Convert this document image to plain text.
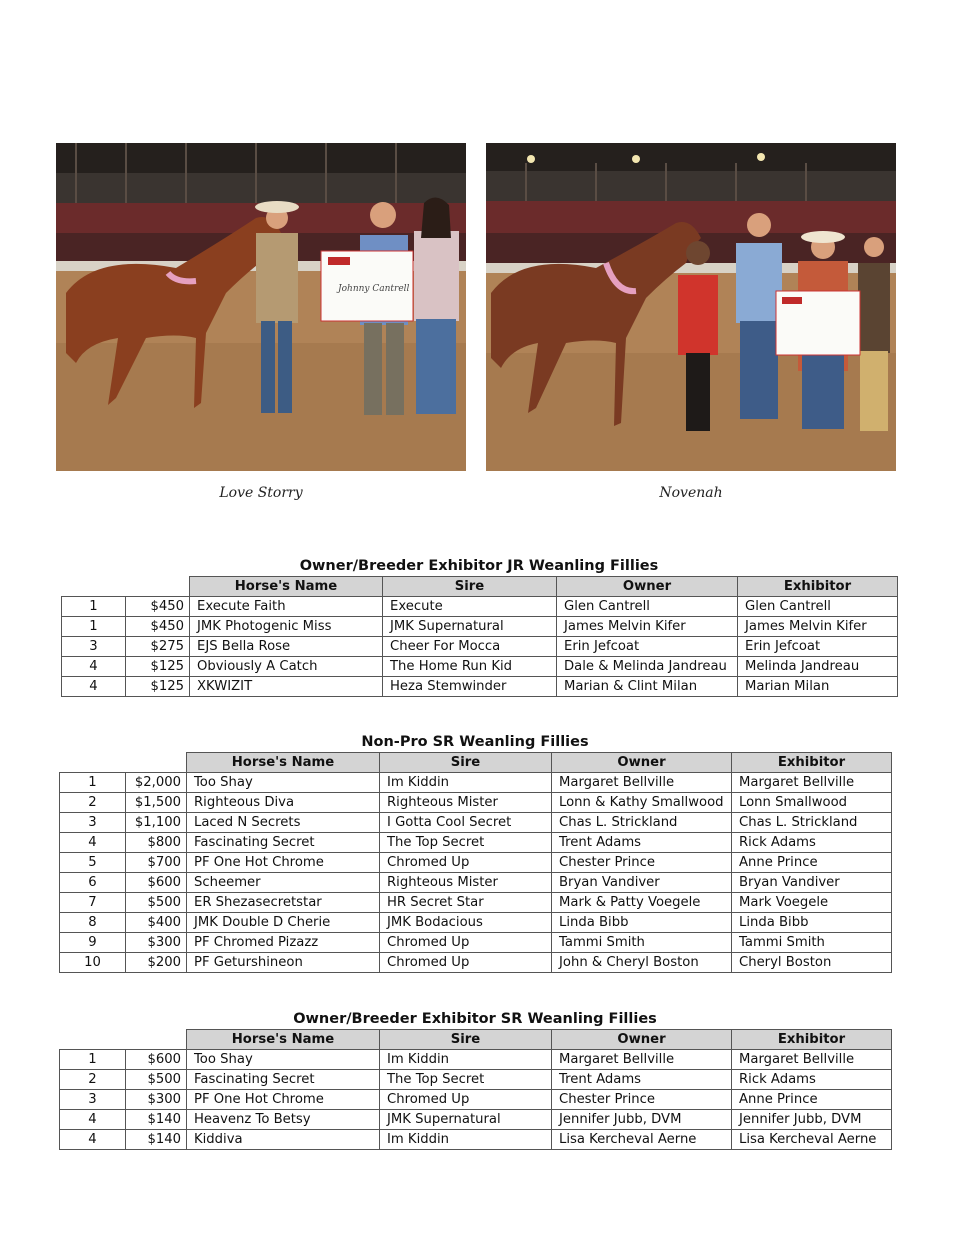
Johnny Cantrell
Love Storry	Novenah
Owner/Breeder Exhibitor JR Weanling Fillies
		Horse's Name	Sire	Owner	Exhibitor
1	$450	Execute Faith	Execute	Glen Cantrell	Glen Cantrell
1	$450	JMK Photogenic Miss	JMK Supernatural	James Melvin Kifer	James Melvin Kifer
3	$275	EJS Bella Rose	Cheer For Mocca	Erin Jefcoat	Erin Jefcoat
4	$125	Obviously A Catch	The Home Run Kid	Dale & Melinda Jandreau	Melinda Jandreau
4	$125	XKWIZIT	Heza Stemwinder	Marian & Clint Milan	Marian Milan
Non-Pro SR Weanling Fillies
		Horse's Name	Sire	Owner	Exhibitor
1	$2,000	Too Shay	Im Kiddin	Margaret Bellville	Margaret Bellville
2	$1,500	Righteous Diva	Righteous Mister	Lonn & Kathy Smallwood	Lonn Smallwood
3	$1,100	Laced N Secrets	I Gotta Cool Secret	Chas L. Strickland	Chas L. Strickland
4	$800	Fascinating Secret	The Top Secret	Trent Adams	Rick Adams
5	$700	PF One Hot Chrome	Chromed Up	Chester Prince	Anne Prince
6	$600	Scheemer	Righteous Mister	Bryan Vandiver	Bryan Vandiver
7	$500	ER Shezasecretstar	HR Secret Star	Mark & Patty Voegele	Mark Voegele
8	$400	JMK Double D Cherie	JMK Bodacious	Linda Bibb	Linda Bibb
9	$300	PF Chromed Pizazz	Chromed Up	Tammi Smith	Tammi Smith
10	$200	PF Geturshineon	Chromed Up	John & Cheryl Boston	Cheryl Boston
Owner/Breeder Exhibitor SR Weanling Fillies
		Horse's Name	Sire	Owner	Exhibitor
1	$600	Too Shay	Im Kiddin	Margaret Bellville	Margaret Bellville
2	$500	Fascinating Secret	The Top Secret	Trent Adams	Rick Adams
3	$300	PF One Hot Chrome	Chromed Up	Chester Prince	Anne Prince
4	$140	Heavenz To Betsy	JMK Supernatural	Jennifer Jubb, DVM	Jennifer Jubb, DVM
4	$140	Kiddiva	Im Kiddin	Lisa Kercheval Aerne	Lisa Kercheval Aerne
